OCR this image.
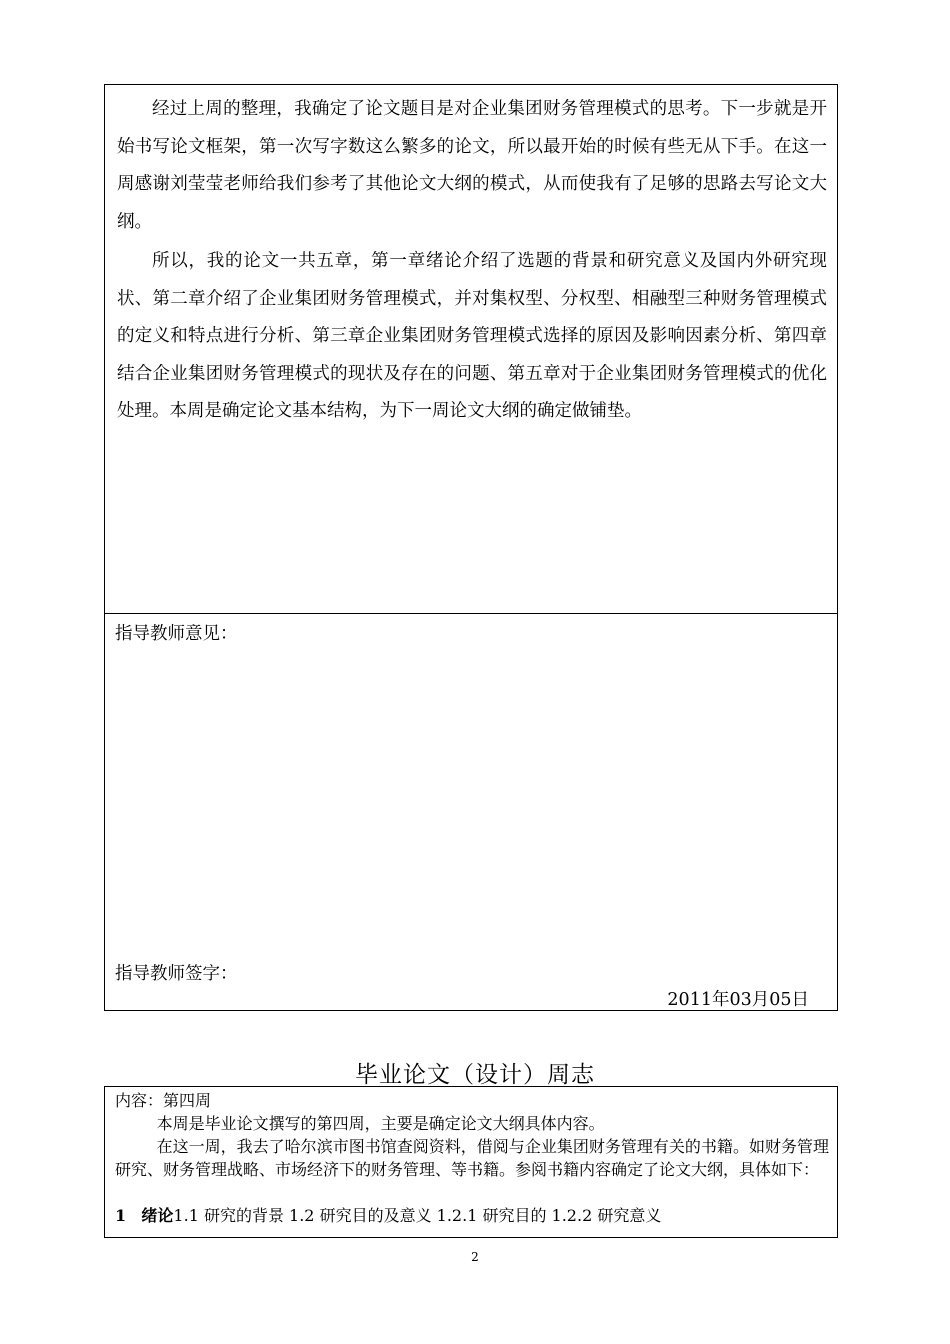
经过上周的整理，我确定了论文题目是对企业集团财务管理模式的思考。下一步就是开始书写论文框架，第一次写字数这么繁多的论文，所以最开始的时候有些无从下手。在这一周感谢刘莹莹老师给我们参考了其他论文大纲的模式，从而使我有了足够的思路去写论文大纲。

所以，我的论文一共五章，第一章绪论介绍了选题的背景和研究意义及国内外研究现状、第二章介绍了企业集团财务管理模式，并对集权型、分权型、相融型三种财务管理模式的定义和特点进行分析、第三章企业集团财务管理模式选择的原因及影响因素分析、第四章结合企业集团财务管理模式的现状及存在的问题、第五章对于企业集团财务管理模式的优化处理。本周是确定论文基本结构，为下一周论文大纲的确定做铺垫。

指导教师意见：

指导教师签字：

2011年03月05日

毕业论文（设计）周志

内容：第四周

本周是毕业论文撰写的第四周，主要是确定论文大纲具体内容。

在这一周，我去了哈尔滨市图书馆查阅资料，借阅与企业集团财务管理有关的书籍。如财务管理研究、财务管理战略、市场经济下的财务管理、等书籍。参阅书籍内容确定了论文大纲，具体如下：

1 绪论1.1 研究的背景 1.2 研究目的及意义 1.2.1 研究目的 1.2.2 研究意义

2
